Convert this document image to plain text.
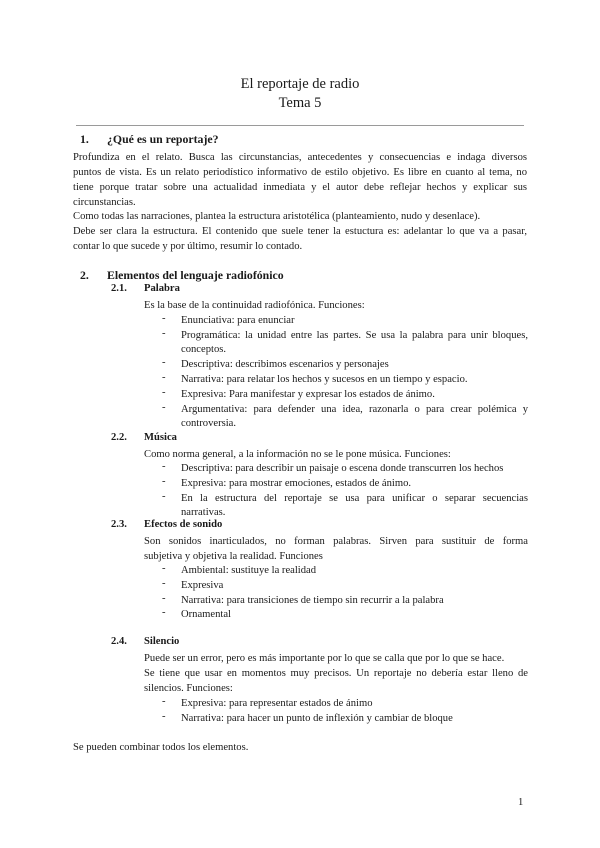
El reportaje de radio
Tema 5
1. ¿Qué es un reportaje?
Profundiza en el relato. Busca las circunstancias, antecedentes y consecuencias e indaga diversos
puntos de vista. Es un relato periodístico informativo de estilo objetivo. Es libre en cuanto al tema, no
tiene porque tratar sobre una actualidad inmediata y el autor debe reflejar hechos y explicar sus
circunstancias.
Como todas las narraciones, plantea la estructura aristotélica (planteamiento, nudo y desenlace).
Debe ser clara la estructura. El contenido que suele tener la estuctura es: adelantar lo que va a pasar,
contar lo que sucede y por último, resumir lo contado.
2. Elementos del lenguaje radiofónico
2.1. Palabra
Es la base de la continuidad radiofónica. Funciones:
- Enunciativa: para enunciar
- Programática: la unidad entre las partes. Se usa la palabra para unir bloques,
conceptos.
- Descriptiva: describimos escenarios y personajes
- Narrativa: para relatar los hechos y sucesos en un tiempo y espacio.
- Expresiva: Para manifestar y expresar los estados de ánimo.
- Argumentativa: para defender una idea, razonarla o para crear polémica y
controversia.
2.2. Música
Como norma general, a la información no se le pone música. Funciones:
- Descriptiva: para describir un paisaje o escena donde transcurren los hechos
- Expresiva: para mostrar emociones, estados de ánimo.
- En la estructura del reportaje se usa para unificar o separar secuencias
narrativas.
2.3. Efectos de sonido
Son sonidos inarticulados, no forman palabras. Sirven para sustituir de forma
subjetiva y objetiva la realidad. Funciones
- Ambiental: sustituye la realidad
- Expresiva
- Narrativa: para transiciones de tiempo sin recurrir a la palabra
- Ornamental
2.4. Silencio
Puede ser un error, pero es más importante por lo que se calla que por lo que se hace.
Se tiene que usar en momentos muy precisos. Un reportaje no debería estar lleno de
silencios. Funciones:
- Expresiva: para representar estados de ánimo
- Narrativa: para hacer un punto de inflexión y cambiar de bloque
Se pueden combinar todos los elementos.
1
